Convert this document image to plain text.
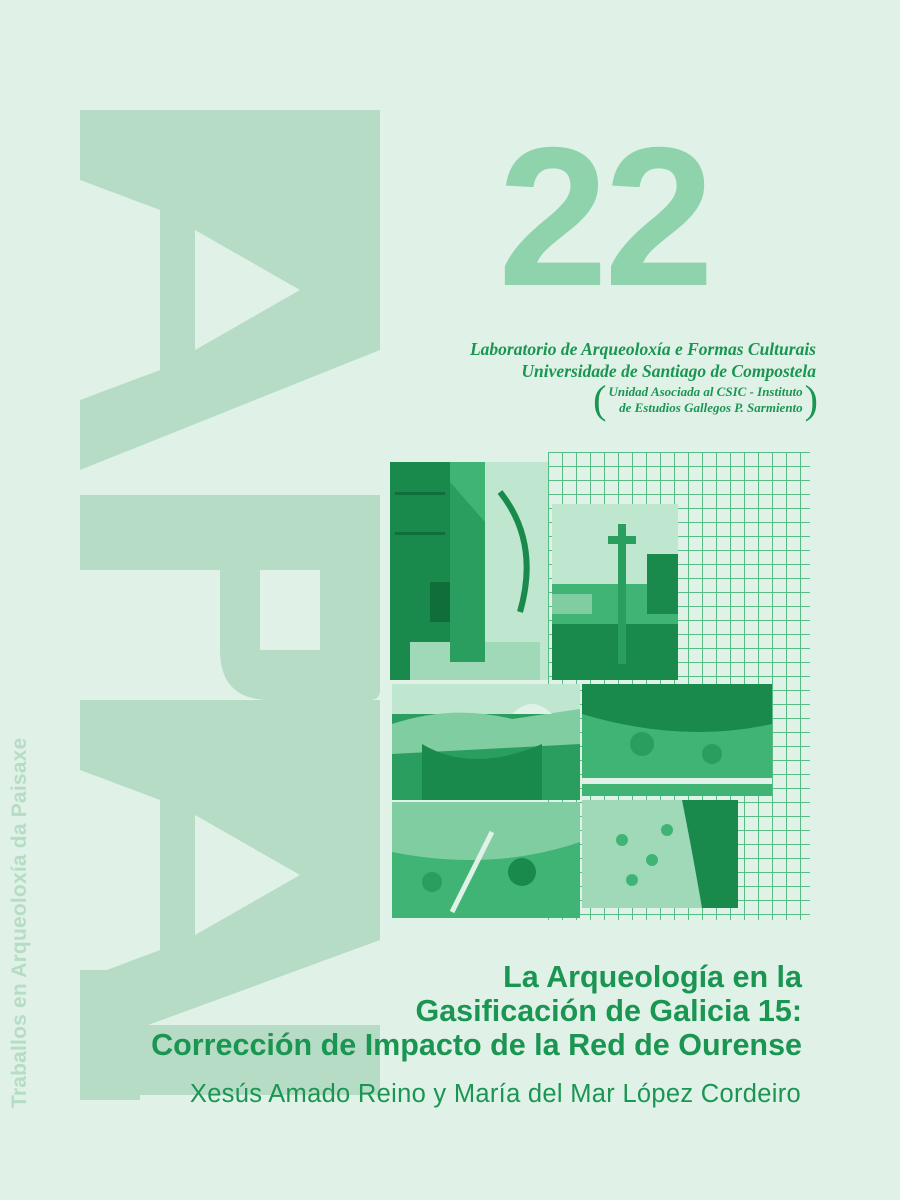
Traballos en Arqueoloxía da Paisaxe
22
Laboratorio de Arqueoloxía e Formas Culturais
Universidade de Santiago de Compostela
( Unidad Asociada al CSIC - Instituto
de Estudios Gallegos P. Sarmiento )
La Arqueología en la
Gasificación de Galicia 15:
Corrección de Impacto de la Red de Ourense
Xesús Amado Reino y María del Mar López Cordeiro
